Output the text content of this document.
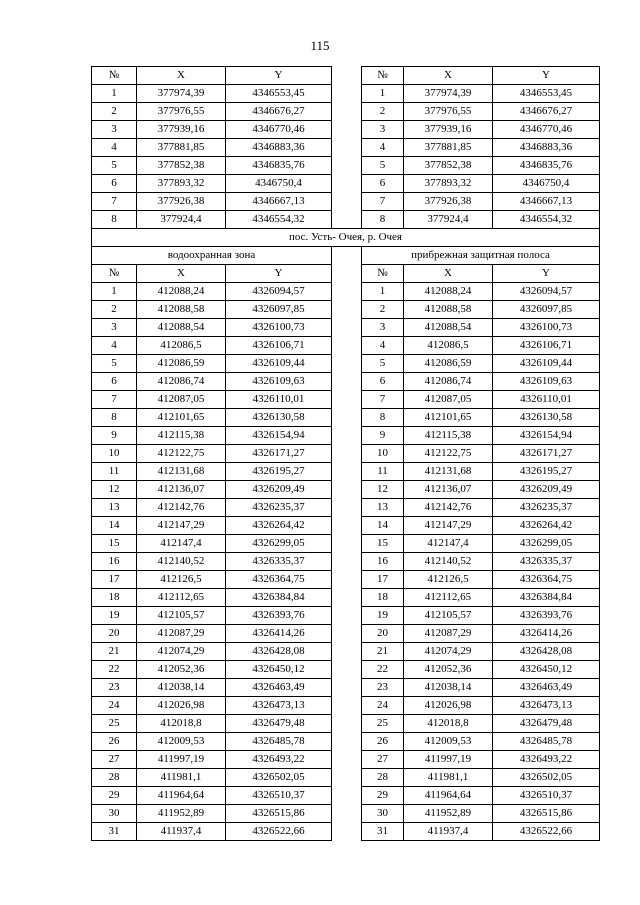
115
№	X	Y		№	X	Y
1	377974,39	4346553,45		1	377974,39	4346553,45
2	377976,55	4346676,27		2	377976,55	4346676,27
3	377939,16	4346770,46		3	377939,16	4346770,46
4	377881,85	4346883,36		4	377881,85	4346883,36
5	377852,38	4346835,76		5	377852,38	4346835,76
6	377893,32	4346750,4		6	377893,32	4346750,4
7	377926,38	4346667,13		7	377926,38	4346667,13
8	377924,4	4346554,32		8	377924,4	4346554,32
пос. Усть- Очея, р. Очея						
водоохранная зона				прибрежная защитная полоса		
№	X	Y		№	X	Y
1	412088,24	4326094,57		1	412088,24	4326094,57
2	412088,58	4326097,85		2	412088,58	4326097,85
3	412088,54	4326100,73		3	412088,54	4326100,73
4	412086,5	4326106,71		4	412086,5	4326106,71
5	412086,59	4326109,44		5	412086,59	4326109,44
6	412086,74	4326109,63		6	412086,74	4326109,63
7	412087,05	4326110,01		7	412087,05	4326110,01
8	412101,65	4326130,58		8	412101,65	4326130,58
9	412115,38	4326154,94		9	412115,38	4326154,94
10	412122,75	4326171,27		10	412122,75	4326171,27
11	412131,68	4326195,27		11	412131,68	4326195,27
12	412136,07	4326209,49		12	412136,07	4326209,49
13	412142,76	4326235,37		13	412142,76	4326235,37
14	412147,29	4326264,42		14	412147,29	4326264,42
15	412147,4	4326299,05		15	412147,4	4326299,05
16	412140,52	4326335,37		16	412140,52	4326335,37
17	412126,5	4326364,75		17	412126,5	4326364,75
18	412112,65	4326384,84		18	412112,65	4326384,84
19	412105,57	4326393,76		19	412105,57	4326393,76
20	412087,29	4326414,26		20	412087,29	4326414,26
21	412074,29	4326428,08		21	412074,29	4326428,08
22	412052,36	4326450,12		22	412052,36	4326450,12
23	412038,14	4326463,49		23	412038,14	4326463,49
24	412026,98	4326473,13		24	412026,98	4326473,13
25	412018,8	4326479,48		25	412018,8	4326479,48
26	412009,53	4326485,78		26	412009,53	4326485,78
27	411997,19	4326493,22		27	411997,19	4326493,22
28	411981,1	4326502,05		28	411981,1	4326502,05
29	411964,64	4326510,37		29	411964,64	4326510,37
30	411952,89	4326515,86		30	411952,89	4326515,86
31	411937,4	4326522,66		31	411937,4	4326522,66
